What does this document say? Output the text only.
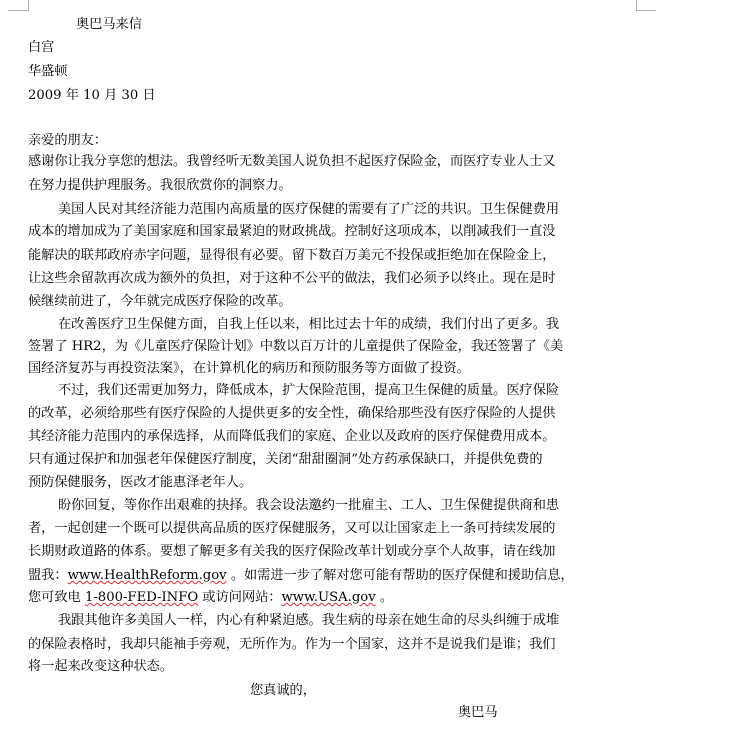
奥巴马来信
白宫
华盛顿
2009 年 10 月 30 日
亲爱的朋友：
感谢你让我分享您的想法。我曾经听无数美国人说负担不起医疗保险金，而医疗专业人士又
在努力提供护理服务。我很欣赏你的洞察力。
美国人民对其经济能力范围内高质量的医疗保健的需要有了广泛的共识。卫生保健费用
成本的增加成为了美国家庭和国家最紧迫的财政挑战。控制好这项成本，以削减我们一直没
能解决的联邦政府赤字问题，显得很有必要。留下数百万美元不投保或拒绝加在保险金上，
让这些余留款再次成为额外的负担，对于这种不公平的做法，我们必须予以终止。现在是时
候继续前进了，今年就完成医疗保险的改革。
在改善医疗卫生保健方面，自我上任以来，相比过去十年的成绩，我们付出了更多。我
签署了 HR2，为《儿童医疗保险计划》中数以百万计的儿童提供了保险金，我还签署了《美
国经济复苏与再投资法案》，在计算机化的病历和预防服务等方面做了投资。
不过，我们还需更加努力，降低成本，扩大保险范围，提高卫生保健的质量。医疗保险
的改革，必须给那些有医疗保险的人提供更多的安全性，确保给那些没有医疗保险的人提供
其经济能力范围内的承保选择，从而降低我们的家庭、企业以及政府的医疗保健费用成本。
只有通过保护和加强老年保健医疗制度，关闭“甜甜圈洞”处方药承保缺口，并提供免费的
预防保健服务，医改才能惠泽老年人。
盼你回复，等你作出艰难的抉择。我会设法邀约一批雇主、工人、卫生保健提供商和患
者，一起创建一个既可以提供高品质的医疗保健服务，又可以让国家走上一条可持续发展的
长期财政道路的体系。要想了解更多有关我的医疗保险改革计划或分享个人故事，请在线加
盟我：www.HealthReform.gov 。如需进一步了解对您可能有帮助的医疗保健和援助信息，
您可致电 1-800-FED-INFO 或访问网站：www.USA.gov 。
我跟其他许多美国人一样，内心有种紧迫感。我生病的母亲在她生命的尽头纠缠于成堆
的保险表格时，我却只能袖手旁观，无所作为。作为一个国家，这并不是说我们是谁；我们
将一起来改变这种状态。
您真诚的，
奥巴马
